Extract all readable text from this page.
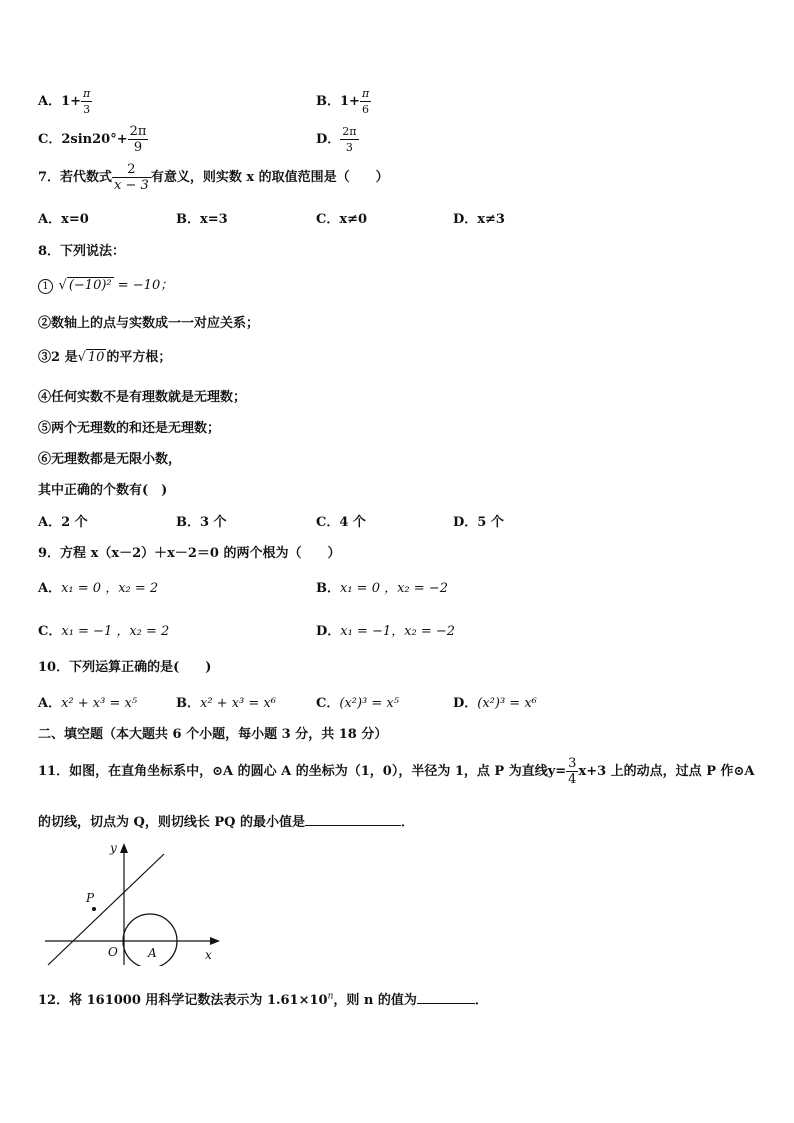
A．$1+ \frac{\pi}{3}$	B．$1+ \frac{\pi}{6}$
C．$2\sin 20^\circ+ \frac{2\pi}{9}$	D． $\frac{2\pi}{3}$
7．若代数式 $\frac{2}{x - 3}$ 有意义，则实数 x 的取值范围是（　　）
A．x=0	B．x=3	C．x≠0	D．x≠3
8．下列说法：
1 √ (−10)² = −10；
②数轴上的点与实数成一一对应关系；
③2 是√ 10 的平方根；
④任何实数不是有理数就是无理数；
⑤两个无理数的和还是无理数；
⑥无理数都是无限小数，
其中正确的个数有(　)
A．2 个	B．3 个	C．4 个	D．5 个
9．方程 x（x－2）＋x－2＝0 的两个根为（　　）
A．x₁ = 0 ，x₂ = 2	B．x₁ = 0 ，x₂ = −2
C．x₁ = −1 ，x₂ = 2	D．x₁ = −1，x₂ = −2
10．下列运算正确的是(　　)
A．x² + x³ = x⁵	B．x² + x³ = x⁶	C．(x²)³ = x⁵	D．(x²)³ = x⁶
二、填空题（本大题共 6 个小题，每小题 3 分，共 18 分）
11．如图，在直角坐标系中，⊙A 的圆心 A 的坐标为（1，0），半径为 1，点 P 为直线$y= \frac{3}{4} x+3$ 上的动点，过点 P 作⊙A
的切线，切点为 Q，则切线长 PQ 的最小值是	．
y
x
O	A
P
12．将 161000 用科学记数法表示为 $1.61\times 10^n$，则 n 的值为	．
